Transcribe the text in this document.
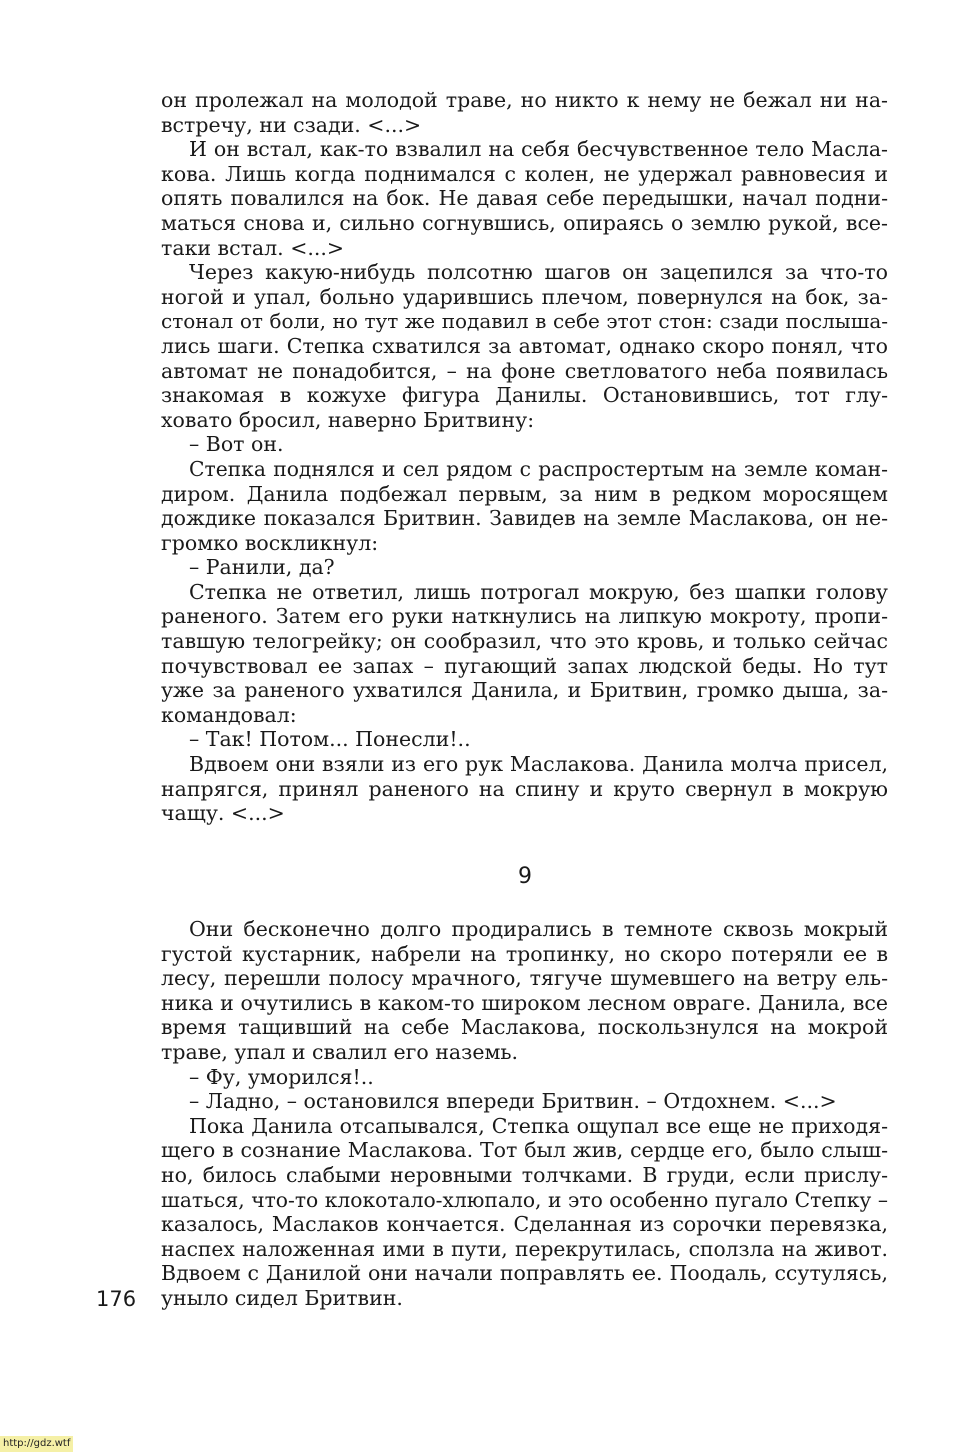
он пролежал на молодой траве, но никто к нему не бежал ни на-
встречу, ни сзади. <...>
И он встал, как-то взвалил на себя бесчувственное тело Масла-
кова. Лишь когда поднимался с колен, не удержал равновесия и
опять повалился на бок. Не давая себе передышки, начал подни-
маться снова и, сильно согнувшись, опираясь о землю рукой, все-
таки встал. <...>
Через какую-нибудь полсотню шагов он зацепился за что-то
ногой и упал, больно ударившись плечом, повернулся на бок, за-
стонал от боли, но тут же подавил в себе этот стон: сзади послыша-
лись шаги. Степка схватился за автомат, однако скоро понял, что
автомат не понадобится, – на фоне светловатого неба появилась
знакомая в кожухе фигура Данилы. Остановившись, тот глу-
ховато бросил, наверно Бритвину:
– Вот он.
Степка поднялся и сел рядом с распростертым на земле коман-
диром. Данила подбежал первым, за ним в редком моросящем
дождике показался Бритвин. Завидев на земле Маслакова, он не-
громко воскликнул:
– Ранили, да?
Степка не ответил, лишь потрогал мокрую, без шапки голову
раненого. Затем его руки наткнулись на липкую мокроту, пропи-
тавшую телогрейку; он сообразил, что это кровь, и только сейчас
почувствовал ее запах – пугающий запах людской беды. Но тут
уже за раненого ухватился Данила, и Бритвин, громко дыша, за-
командовал:
– Так! Потом... Понесли!..
Вдвоем они взяли из его рук Маслакова. Данила молча присел,
напрягся, принял раненого на спину и круто свернул в мокрую
чащу. <...>
9
Они бесконечно долго продирались в темноте сквозь мокрый
густой кустарник, набрели на тропинку, но скоро потеряли ее в
лесу, перешли полосу мрачного, тягуче шумевшего на ветру ель-
ника и очутились в каком-то широком лесном овраге. Данила, все
время тащивший на себе Маслакова, поскользнулся на мокрой
траве, упал и свалил его наземь.
– Фу, уморился!..
– Ладно, – остановился впереди Бритвин. – Отдохнем. <...>
Пока Данила отсапывался, Степка ощупал все еще не приходя-
щего в сознание Маслакова. Тот был жив, сердце его, было слыш-
но, билось слабыми неровными толчками. В груди, если прислу-
шаться, что-то клокотало-хлюпало, и это особенно пугало Степку –
казалось, Маслаков кончается. Сделанная из сорочки перевязка,
наспех наложенная ими в пути, перекрутилась, сползла на живот.
Вдвоем с Данилой они начали поправлять ее. Поодаль, ссутулясь,
уныло сидел Бритвин.
176
http://gdz.wtf
